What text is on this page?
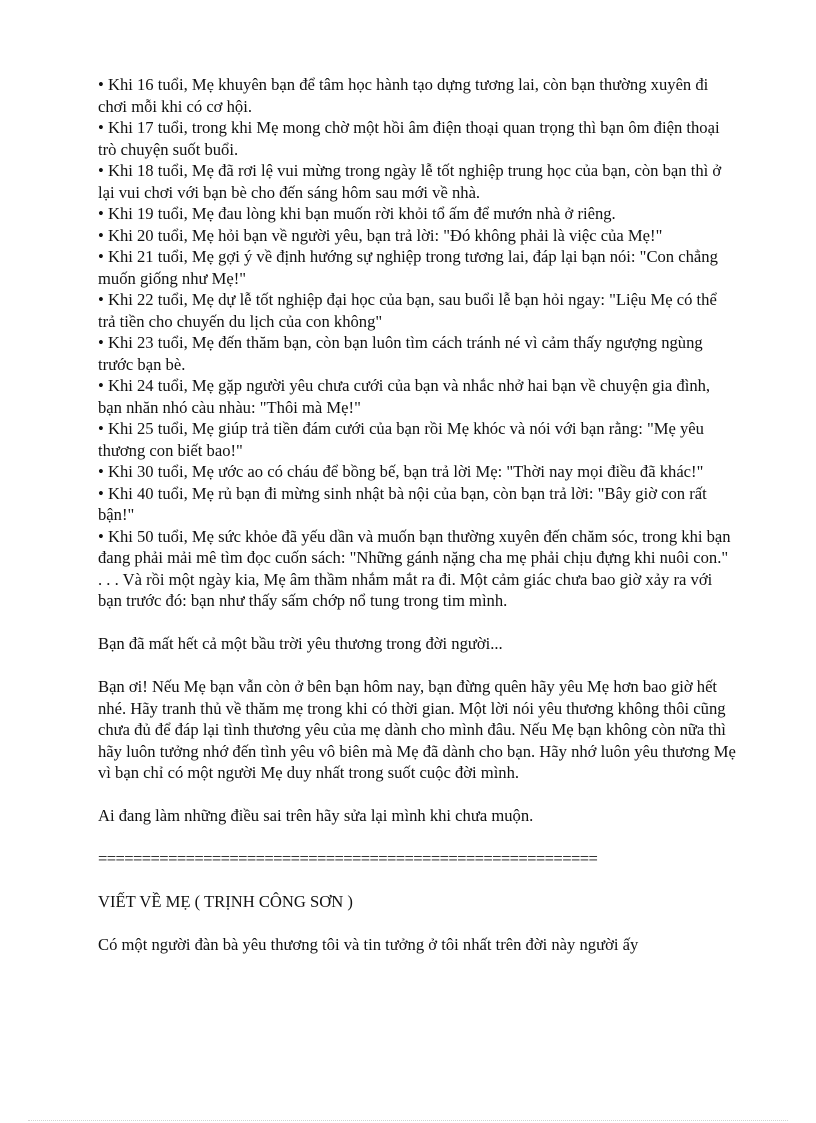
• Khi 16 tuổi, Mẹ khuyên bạn để tâm học hành tạo dựng tương lai, còn bạn thường xuyên đi chơi mỗi khi có cơ hội.

• Khi 17 tuổi, trong khi Mẹ mong chờ một hồi âm điện thoại quan trọng thì bạn ôm điện thoại trò chuyện suốt buổi.

• Khi 18 tuổi, Mẹ đã rơi lệ vui mừng trong ngày lễ tốt nghiệp trung học của bạn, còn bạn thì ở lại vui chơi với bạn bè cho đến sáng hôm sau mới về nhà.

• Khi 19 tuổi, Mẹ đau lòng khi bạn muốn rời khỏi tổ ấm để mướn nhà ở riêng.

• Khi 20 tuổi, Mẹ hỏi bạn về người yêu, bạn trả lời: "Đó không phải là việc của Mẹ!"

• Khi 21 tuổi, Mẹ gợi ý về định hướng sự nghiệp trong tương lai, đáp lại bạn nói: "Con chẳng muốn giống như Mẹ!"

• Khi 22 tuổi, Mẹ dự lễ tốt nghiệp đại học của bạn, sau buổi lễ bạn hỏi ngay: "Liệu Mẹ có thể trả tiền cho chuyến du lịch của con không"

• Khi 23 tuổi, Mẹ đến thăm bạn, còn bạn luôn tìm cách tránh né vì cảm thấy ngượng ngùng trước bạn bè.

• Khi 24 tuổi, Mẹ gặp người yêu chưa cưới của bạn và nhắc nhở hai bạn về chuyện gia đình, bạn nhăn nhó càu nhàu: "Thôi mà Mẹ!"

• Khi 25 tuổi, Mẹ giúp trả tiền đám cưới của bạn rồi Mẹ khóc và nói với bạn rằng: "Mẹ yêu thương con biết bao!"

• Khi 30 tuổi, Mẹ ước ao có cháu để bồng bế, bạn trả lời Mẹ: "Thời nay mọi điều đã khác!"

• Khi 40 tuổi, Mẹ rủ bạn đi mừng sinh nhật bà nội của bạn, còn bạn trả lời: "Bây giờ con rất bận!"

• Khi 50 tuổi, Mẹ sức khỏe đã yếu dần và muốn bạn thường xuyên đến chăm sóc, trong khi bạn đang phải mải mê tìm đọc cuốn sách: "Những gánh nặng cha mẹ phải chịu đựng khi nuôi con."

. . . Và rồi một ngày kia, Mẹ âm thầm nhắm mắt ra đi. Một cảm giác chưa bao giờ xảy ra với bạn trước đó: bạn như thấy sấm chớp nổ tung trong tim mình.

Bạn đã mất hết cả một bầu trời yêu thương trong đời người...

Bạn ơi! Nếu Mẹ bạn vẫn còn ở bên bạn hôm nay, bạn đừng quên hãy yêu Mẹ hơn bao giờ hết nhé. Hãy tranh thủ về thăm mẹ trong khi có thời gian. Một lời nói yêu thương không thôi cũng chưa đủ để đáp lại tình thương yêu của mẹ dành cho mình đâu. Nếu Mẹ bạn không còn nữa thì hãy luôn tưởng nhớ đến tình yêu vô biên mà Mẹ đã dành cho bạn. Hãy nhớ luôn yêu thương Mẹ vì bạn chỉ có một người Mẹ duy nhất trong suốt cuộc đời mình.

Ai đang làm những điều sai trên hãy sửa lại mình khi chưa muộn.

=========================================================

VIẾT VỀ MẸ ( TRỊNH CÔNG SƠN )

Có một người đàn bà yêu thương tôi và tin tưởng ở tôi nhất trên đời này người ấy
